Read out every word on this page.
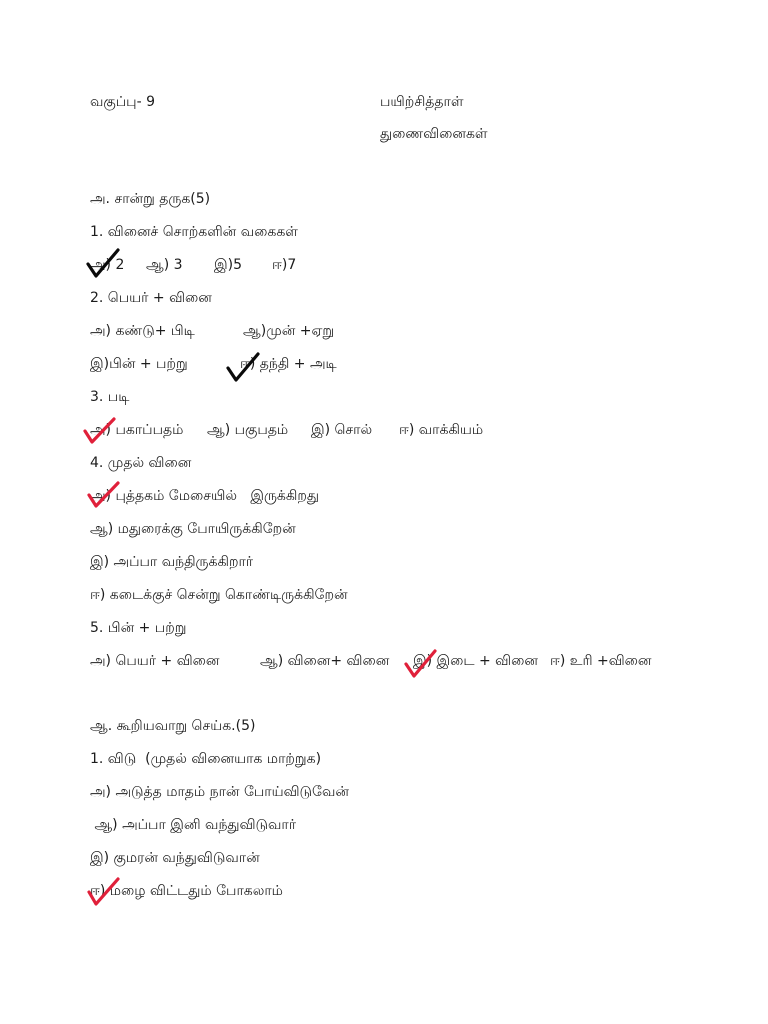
வகுப்பு- 9	பயிற்சித்தாள்
துணைவினைகள்
அ. சான்று தருக(5)
1. வினைச் சொற்களின் வகைகள்
அ) 2 ஆ) 3 இ)5 ஈ)7
2. பெயர் + வினை
அ) கண்டு+ பிடி	ஆ)முன் +ஏறு
இ)பின் + பற்று	ஈ) தந்தி + அடி
3. படி
அ) பகாப்பதம் ஆ) பகுபதம் இ) சொல் ஈ) வாக்கியம்
4. முதல் வினை
அ) புத்தகம் மேசையில்   இருக்கிறது
ஆ) மதுரைக்கு போயிருக்கிறேன்
இ) அப்பா வந்திருக்கிறார்
ஈ) கடைக்குச் சென்று கொண்டிருக்கிறேன்
5. பின் + பற்று
அ) பெயர் + வினை	ஆ) வினை+ வினை இ) இடை + வினை ஈ) உரி +வினை
ஆ. கூறியவாறு செய்க.(5)
1. விடு  (முதல் வினையாக மாற்றுக)
அ) அடுத்த மாதம் நான் போய்விடுவேன்
ஆ) அப்பா இனி வந்துவிடுவார்
இ) குமரன் வந்துவிடுவான்
ஈ) மழை விட்டதும் போகலாம்
